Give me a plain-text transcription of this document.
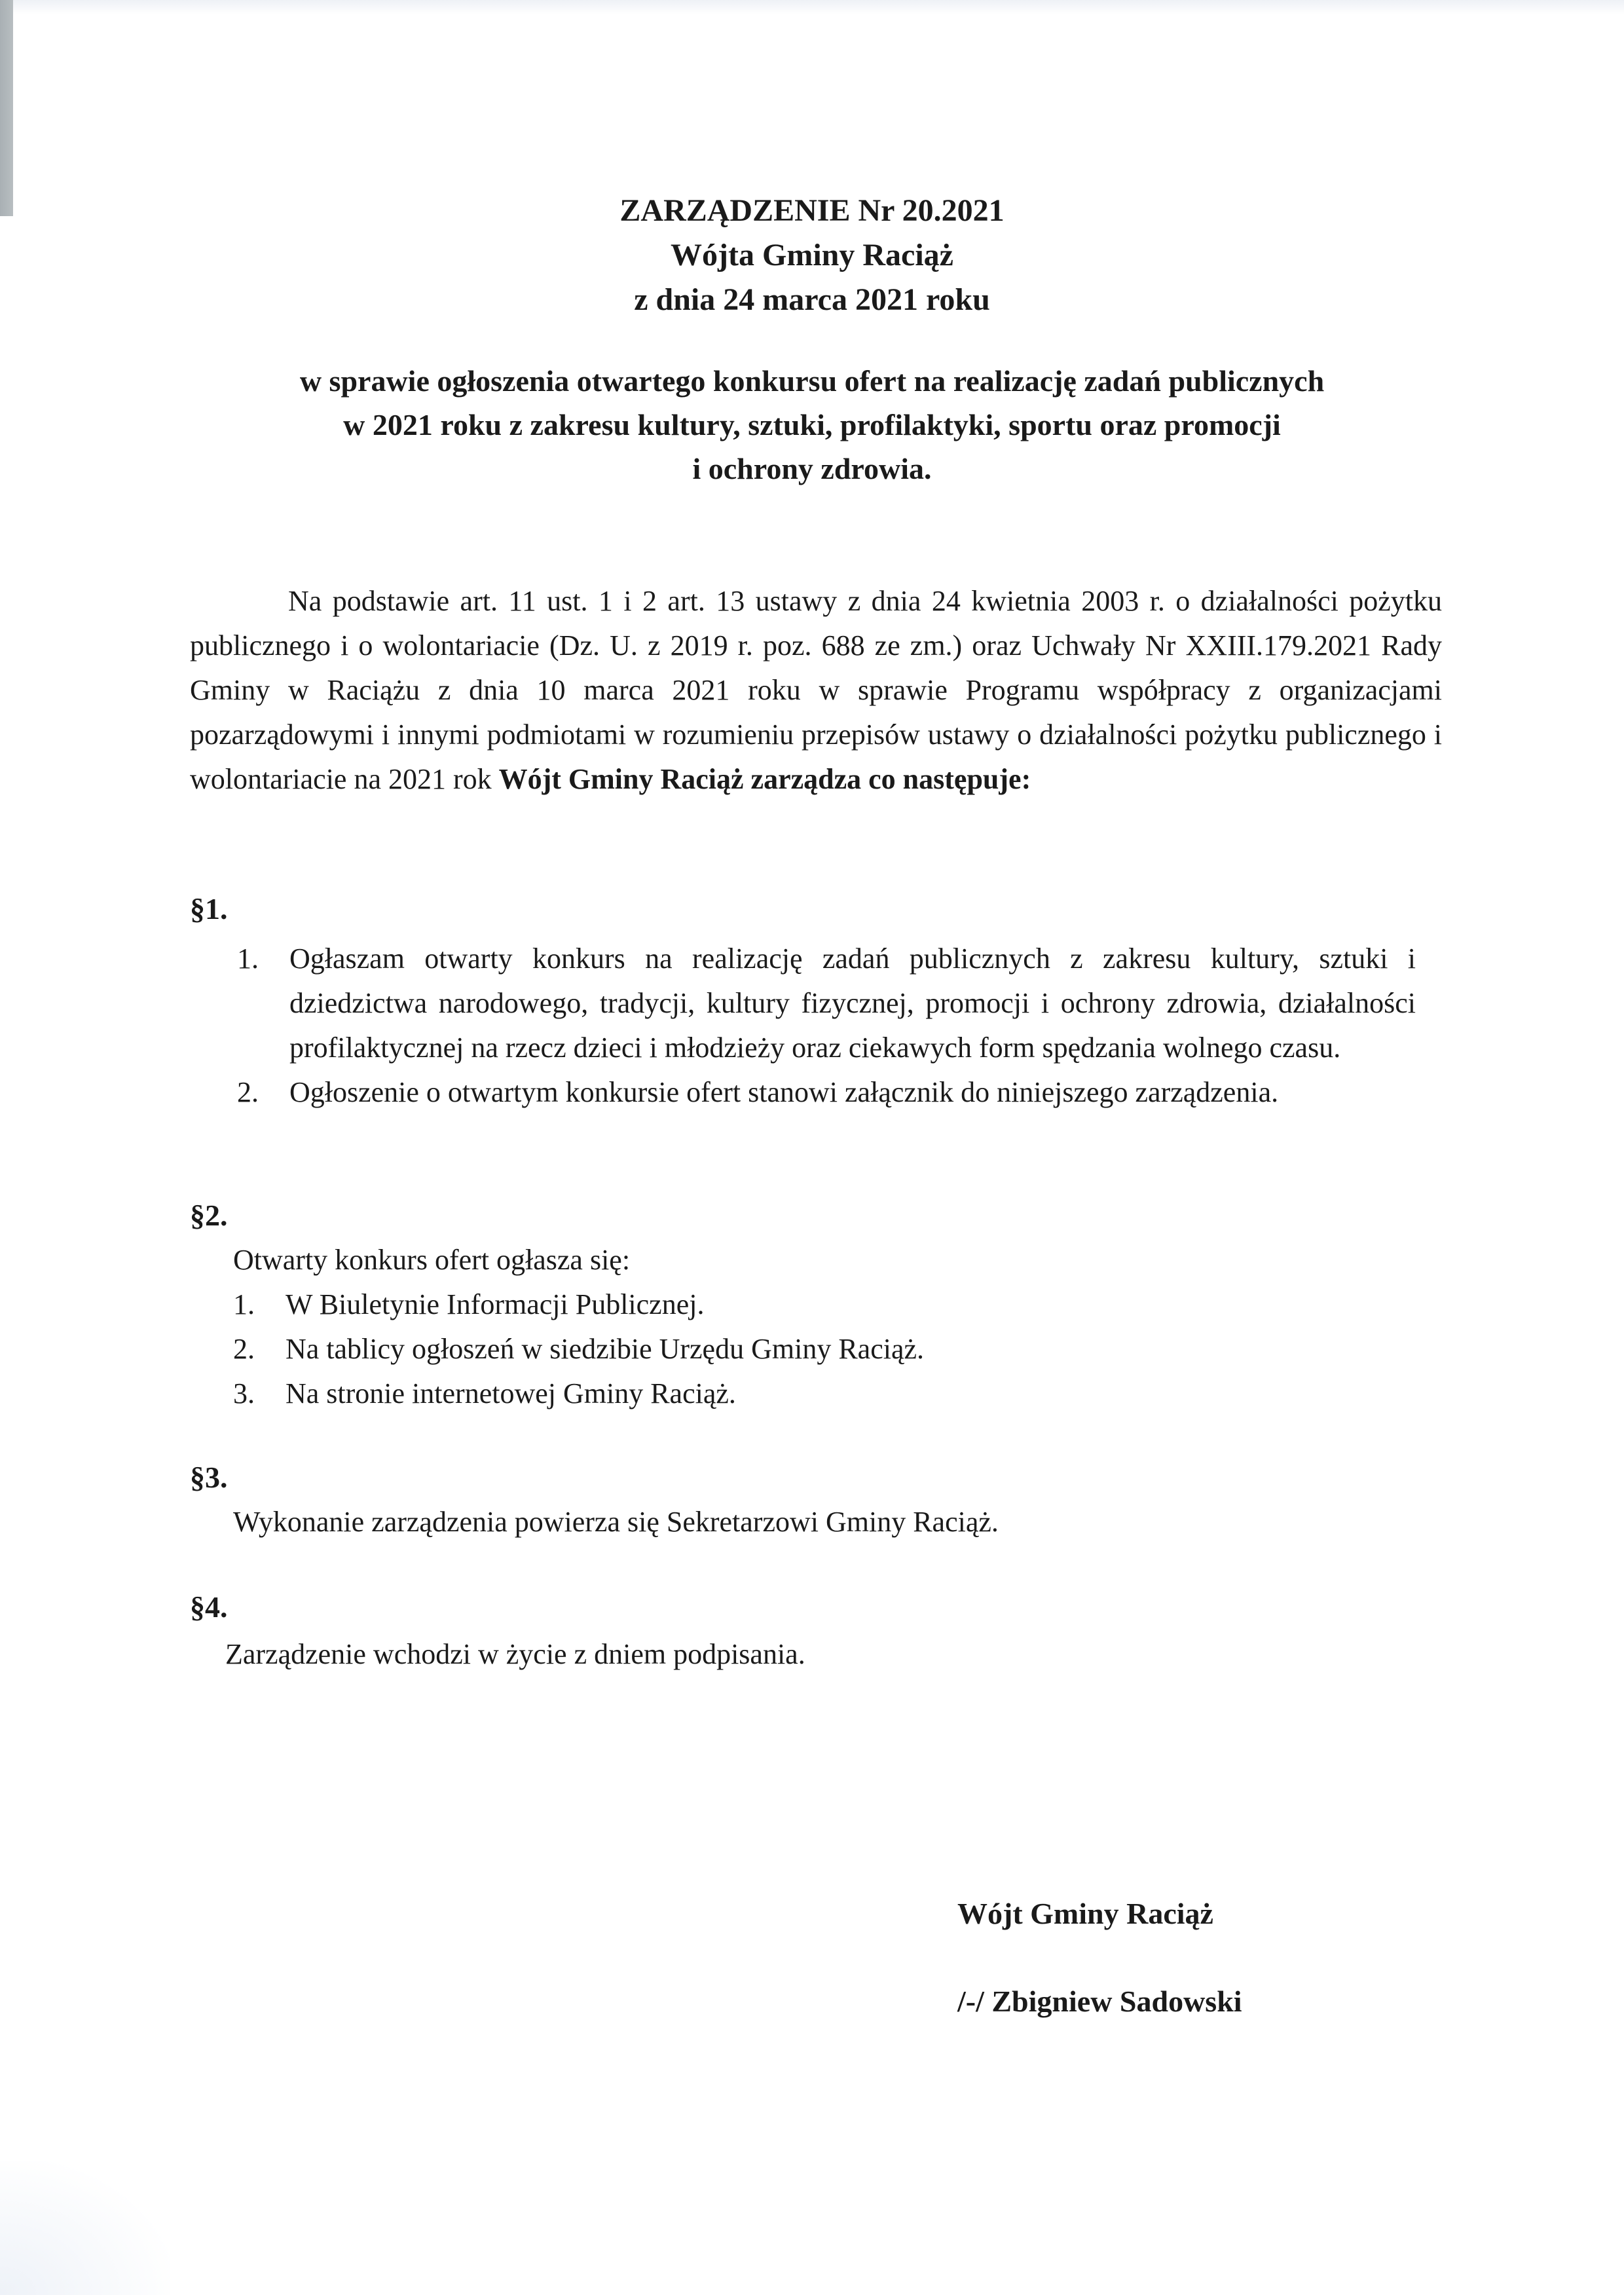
ZARZĄDZENIE Nr 20.2021
Wójta Gminy Raciąż
z dnia 24 marca 2021 roku
w sprawie ogłoszenia otwartego konkursu ofert na realizację zadań publicznych
w 2021 roku z zakresu kultury, sztuki, profilaktyki, sportu oraz promocji
i ochrony zdrowia.
Na podstawie art. 11 ust. 1 i 2 art. 13 ustawy z dnia 24 kwietnia 2003 r. o działalności pożytku publicznego i o wolontariacie (Dz. U. z 2019 r. poz. 688 ze zm.) oraz Uchwały Nr XXIII.179.2021 Rady Gminy w Raciążu z dnia 10 marca 2021 roku w sprawie Programu współpracy z organizacjami pozarządowymi i innymi podmiotami w rozumieniu przepisów ustawy o działalności pożytku publicznego i wolontariacie na 2021 rok Wójt Gminy Raciąż zarządza co następuje:
§1.
1. Ogłaszam otwarty konkurs na realizację zadań publicznych z zakresu kultury, sztuki i dziedzictwa narodowego, tradycji, kultury fizycznej, promocji i ochrony zdrowia, działalności profilaktycznej na rzecz dzieci i młodzieży oraz ciekawych form spędzania wolnego czasu.
2. Ogłoszenie o otwartym konkursie ofert stanowi załącznik do niniejszego zarządzenia.
§2.
Otwarty konkurs ofert ogłasza się:
1. W Biuletynie Informacji Publicznej.
2. Na tablicy ogłoszeń w siedzibie Urzędu Gminy Raciąż.
3. Na stronie internetowej Gminy Raciąż.
§3.
Wykonanie zarządzenia powierza się Sekretarzowi Gminy Raciąż.
§4.
Zarządzenie wchodzi w życie z dniem podpisania.
Wójt Gminy Raciąż
/-/ Zbigniew Sadowski
